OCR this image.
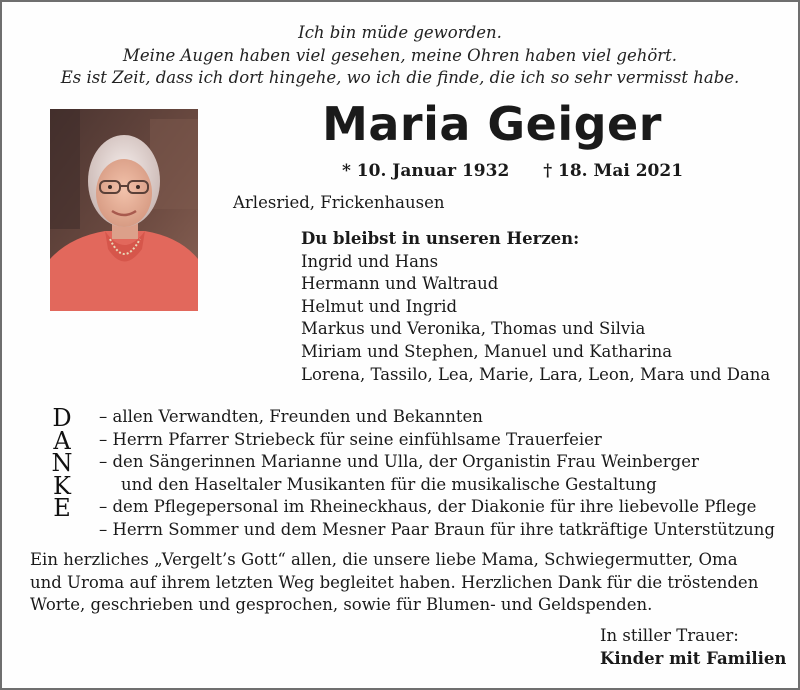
Ich bin müde geworden.
Meine Augen haben viel gesehen, meine Ohren haben viel gehört.
Es ist Zeit, dass ich dort hingehe, wo ich die finde, die ich so sehr vermisst habe.
Maria Geiger
* 10. Januar 1932 † 18. Mai 2021
Arlesried, Frickenhausen
Du bleibst in unseren Herzen:
Ingrid und Hans
Hermann und Waltraud
Helmut und Ingrid
Markus und Veronika, Thomas und Silvia
Miriam und Stephen, Manuel und Katharina
Lorena, Tassilo, Lea, Marie, Lara, Leon, Mara und Dana
D
A
N
K
E
– allen Verwandten, Freunden und Bekannten
– Herrn Pfarrer Striebeck für seine einfühlsame Trauerfeier
– den Sängerinnen Marianne und Ulla, der Organistin Frau Weinberger
und den Haseltaler Musikanten für die musikalische Gestaltung
– dem Pflegepersonal im Rheineckhaus, der Diakonie für ihre liebevolle Pflege
– Herrn Sommer und dem Mesner Paar Braun für ihre tatkräftige Unterstützung
Ein herzliches „Vergelt’s Gott“ allen, die unsere liebe Mama, Schwiegermutter, Oma
und Uroma auf ihrem letzten Weg begleitet haben. Herzlichen Dank für die tröstenden
Worte, geschrieben und gesprochen, sowie für Blumen- und Geldspenden.
In stiller Trauer:
Kinder mit Familien
